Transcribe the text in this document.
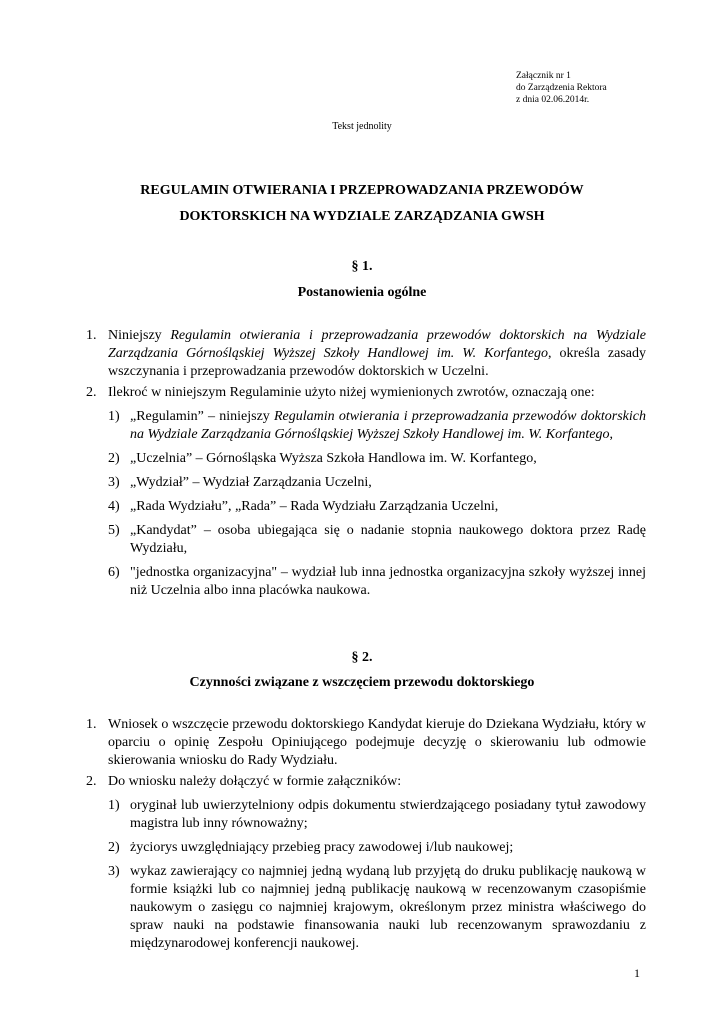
Załącznik nr 1
do Zarządzenia Rektora
z dnia 02.06.2014r.
Tekst jednolity
REGULAMIN OTWIERANIA I PRZEPROWADZANIA PRZEWODÓW
DOKTORSKICH NA WYDZIALE ZARZĄDZANIA GWSH
§ 1.
Postanowienia ogólne
1. Niniejszy Regulamin otwierania i przeprowadzania przewodów doktorskich na Wydziale Zarządzania Górnośląskiej Wyższej Szkoły Handlowej im. W. Korfantego, określa zasady wszczynania i przeprowadzania przewodów doktorskich w Uczelni.
2. Ilekroć w niniejszym Regulaminie użyto niżej wymienionych zwrotów, oznaczają one:
1) „Regulamin” – niniejszy Regulamin otwierania i przeprowadzania przewodów doktorskich na Wydziale Zarządzania Górnośląskiej Wyższej Szkoły Handlowej im. W. Korfantego,
2) „Uczelnia” – Górnośląska Wyższa Szkoła Handlowa im. W. Korfantego,
3) „Wydział” – Wydział Zarządzania Uczelni,
4) „Rada Wydziału”, „Rada” – Rada Wydziału Zarządzania Uczelni,
5) „Kandydat” – osoba ubiegająca się o nadanie stopnia naukowego doktora przez Radę Wydziału,
6) "jednostka organizacyjna" – wydział lub inna jednostka organizacyjna szkoły wyższej innej niż Uczelnia albo inna placówka naukowa.
§ 2.
Czynności związane z wszczęciem przewodu doktorskiego
1. Wniosek o wszczęcie przewodu doktorskiego Kandydat kieruje do Dziekana Wydziału, który w oparciu o opinię Zespołu Opiniującego podejmuje decyzję o skierowaniu lub odmowie skierowania wniosku do Rady Wydziału.
2. Do wniosku należy dołączyć w formie załączników:
1) oryginał lub uwierzytelniony odpis dokumentu stwierdzającego posiadany tytuł zawodowy magistra lub inny równoważny;
2) życiorys uwzględniający przebieg pracy zawodowej i/lub naukowej;
3) wykaz zawierający co najmniej jedną wydaną lub przyjętą do druku publikację naukową w formie książki lub co najmniej jedną publikację naukową w recenzowanym czasopiśmie naukowym o zasięgu co najmniej krajowym, określonym przez ministra właściwego do spraw nauki na podstawie finansowania nauki lub recenzowanym sprawozdaniu z międzynarodowej konferencji naukowej.
1
